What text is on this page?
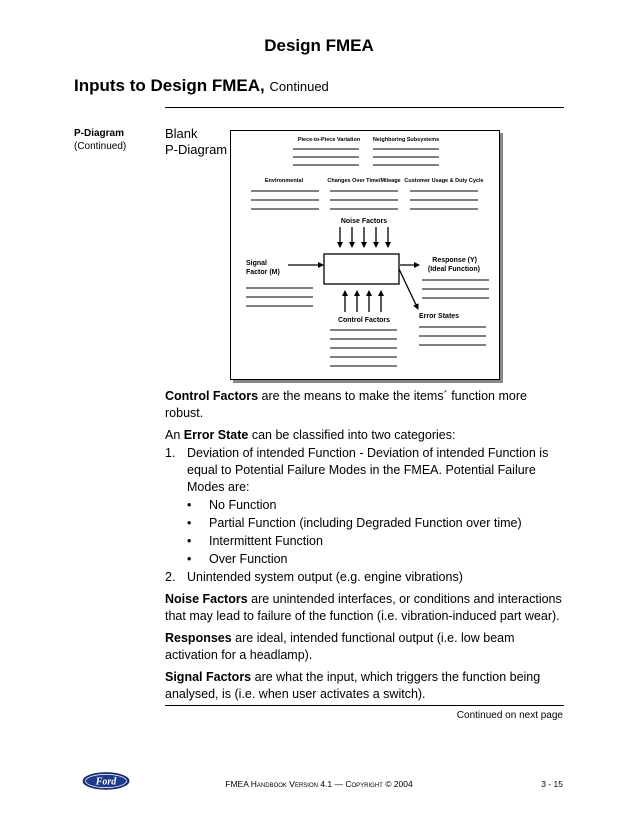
Design FMEA
Inputs to Design FMEA, Continued
P-Diagram
(Continued)
Blank
P-Diagram
Piece-to-Piece Variation Neighboring Subsystems
Environmental	Changes Over Time/Mileage Customer Usage & Duty Cycle
Noise Factors
Signal
Factor (M)
Response (Y)
(Ideal Function)
Error States
Control Factors

Control Factors are the means to make the items´ function more robust.

An Error State can be classified into two categories:

1. Deviation of intended Function - Deviation of intended Function is equal to Potential Failure Modes in the FMEA. Potential Failure Modes are:
•	No Function
•	Partial Function (including Degraded Function over time)
•	Intermittent Function
•	Over Function
2. Unintended system output (e.g. engine vibrations)

Noise Factors are unintended interfaces, or conditions and interactions that may lead to failure of the function (i.e. vibration-induced part wear).

Responses are ideal, intended functional output (i.e. low beam activation for a headlamp).

Signal Factors are what the input, which triggers the function being analysed, is (i.e. when user activates a switch).

Continued on next page
Ford	FMEA Handbook Version 4.1 — Copyright © 2004	3 - 15
